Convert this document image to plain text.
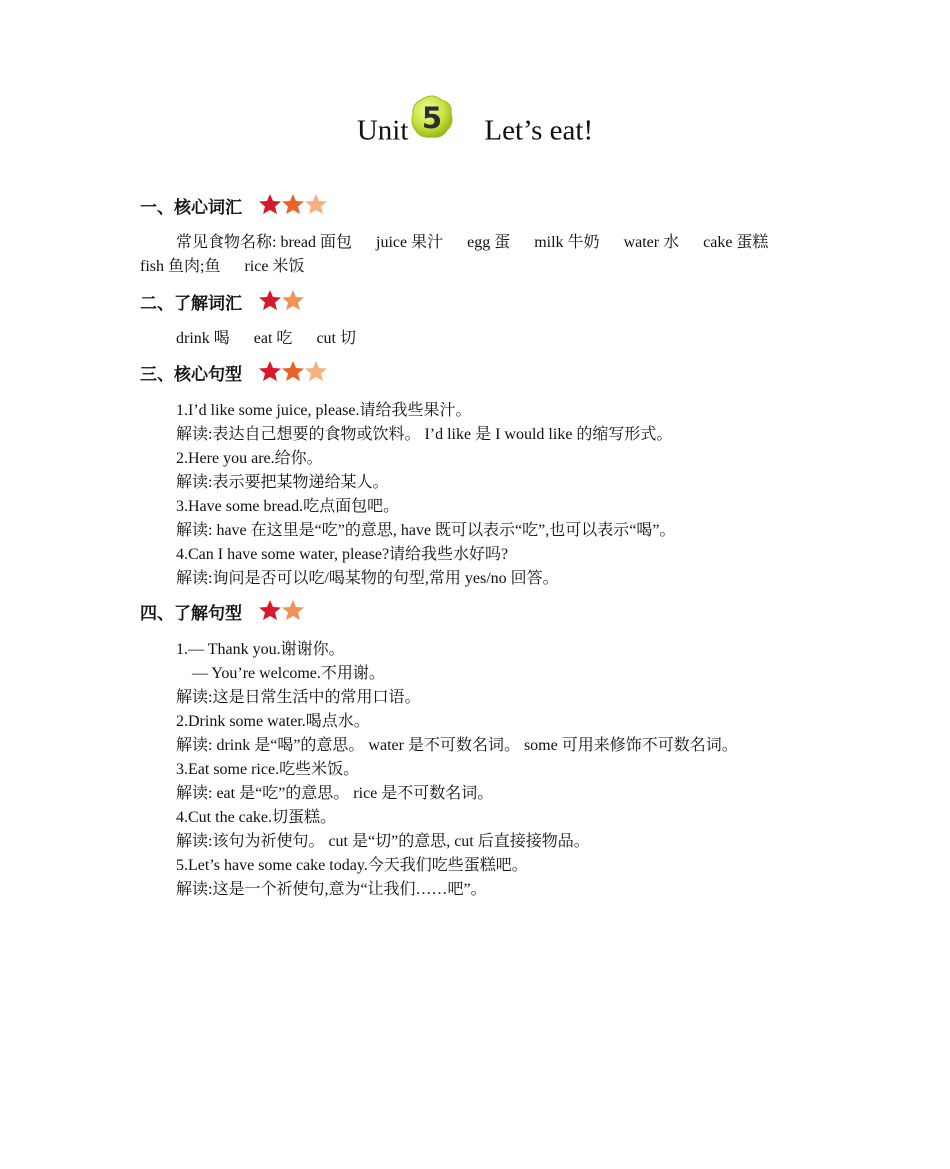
Unit 5 Let’s eat!
一、核心词汇
常见食物名称: bread 面包 juice 果汁 egg 蛋 milk 牛奶 water 水 cake 蛋糕
fish 鱼肉;鱼 rice 米饭
二、了解词汇
drink 喝 eat 吃 cut 切
三、核心句型
1.I’d like some juice, please.请给我些果汁。
解读:表达自己想要的食物或饮料。 I’d like 是 I would like 的缩写形式。
2.Here you are.给你。
解读:表示要把某物递给某人。
3.Have some bread.吃点面包吧。
解读: have 在这里是“吃”的意思, have 既可以表示“吃”,也可以表示“喝”。
4.Can I have some water, please?请给我些水好吗?
解读:询问是否可以吃/喝某物的句型,常用 yes/no 回答。
四、了解句型
1.— Thank you.谢谢你。
— You’re welcome.不用谢。
解读:这是日常生活中的常用口语。
2.Drink some water.喝点水。
解读: drink 是“喝”的意思。 water 是不可数名词。 some 可用来修饰不可数名词。
3.Eat some rice.吃些米饭。
解读: eat 是“吃”的意思。 rice 是不可数名词。
4.Cut the cake.切蛋糕。
解读:该句为祈使句。 cut 是“切”的意思, cut 后直接接物品。
5.Let’s have some cake today.今天我们吃些蛋糕吧。
解读:这是一个祈使句,意为“让我们……吧”。
